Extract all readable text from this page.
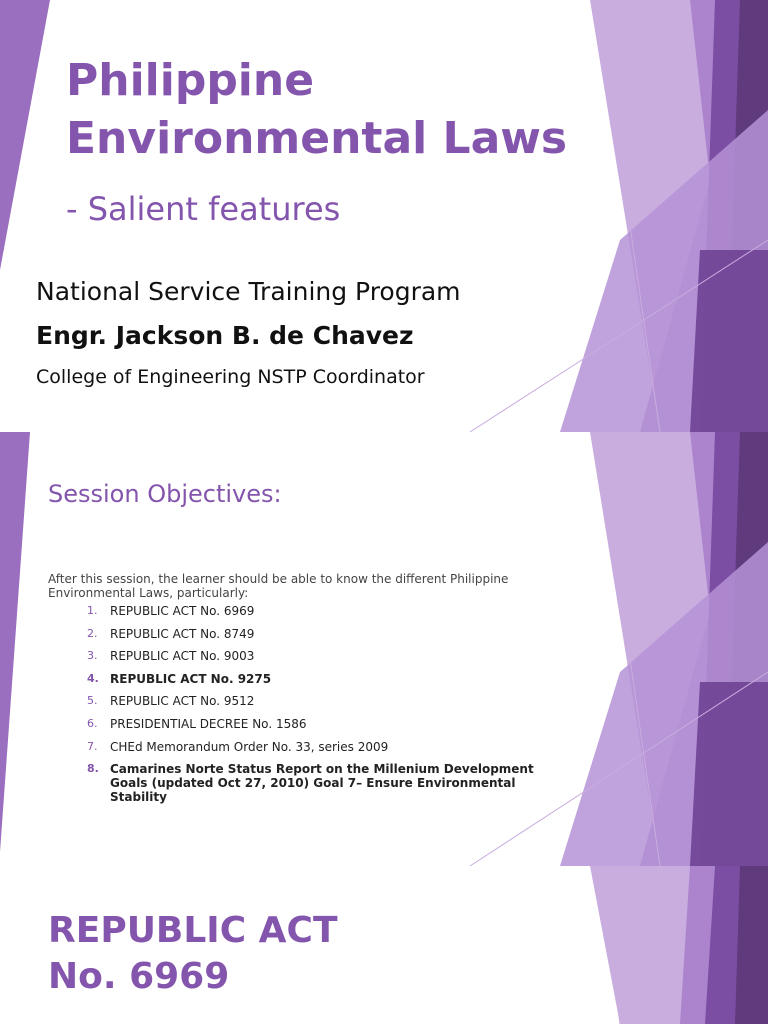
Philippine Environmental Laws
- Salient features
National Service Training Program
Engr. Jackson B. de Chavez
College of Engineering NSTP Coordinator
Session Objectives:
After this session, the learner should be able to know the different Philippine Environmental Laws, particularly:
1. REPUBLIC ACT No. 6969
2. REPUBLIC ACT No. 8749
3. REPUBLIC ACT No. 9003
4. REPUBLIC ACT No. 9275
5. REPUBLIC ACT No. 9512
6. PRESIDENTIAL DECREE No. 1586
7. CHEd Memorandum Order No. 33, series 2009
8. Camarines Norte Status Report on the Millenium Development Goals (updated Oct 27, 2010) Goal 7– Ensure Environmental Stability
REPUBLIC ACT No. 6969
